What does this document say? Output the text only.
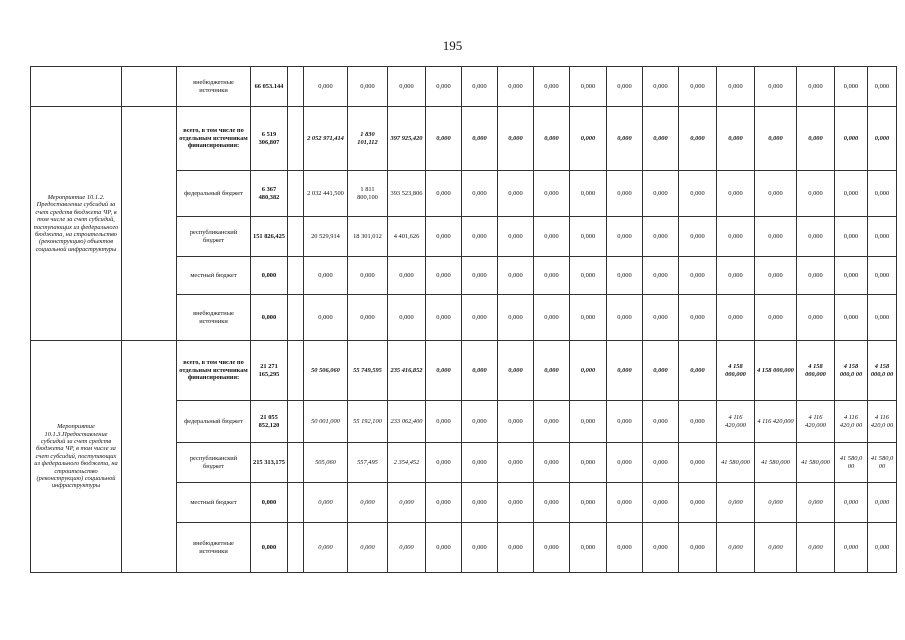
195
		внебюджетные источники	66 053.144		0,000	0,000	0,000	0,000	0,000	0,000	0,000	0,000	0,000	0,000	0,000	0,000	0,000	0,000	0,000	0,000
Мероприятие 10.1.2. Предоставление субсидий за счет средств бюджета ЧР, в том числе за счет субсидий, поступающих из федерального бюджета, на строительство (реконструкцию) объектов социальной инфраструктуры		всего, в том числе по отдельным источникам финансирования:	6 519 306,807		2 052 971,414	1 830 101,112	397 925,420	0,000	0,000	0,000	0,000	0,000	0,000	0,000	0,000	0,000	0,000	0,000	0,000	0,000
		федеральный бюджет	6 367 480,382		2 032 441,500	1 811 800,100	393 523,806	0,000	0,000	0,000	0,000	0,000	0,000	0,000	0,000	0,000	0,000	0,000	0,000	0,000
		республиканский бюджет	151 826,425		20 529,914	18 301,012	4 401,626	0,000	0,000	0,000	0,000	0,000	0,000	0,000	0,000	0,000	0,000	0,000	0,000	0,000
		местный бюджет	0,000		0,000	0,000	0,000	0,000	0,000	0,000	0,000	0,000	0,000	0,000	0,000	0,000	0,000	0,000	0,000	0,000
		внебюджетные источники	0,000		0,000	0,000	0,000	0,000	0,000	0,000	0,000	0,000	0,000	0,000	0,000	0,000	0,000	0,000	0,000	0,000
Мероприятие 10.1.3.Предоставление субсидий за счет средств бюджета ЧР, в том числе за счет субсидий, поступающих из федерального бюджета, на строительство (реконструкцию) социальной инфраструктуры		всего, в том числе по отдельным источникам финансирования:	21 271 165,295		50 506,060	55 749,595	235 416,852	0,000	0,000	0,000	0,000	0,000	0,000	0,000	0,000	4 158 000,000	4 158 000,000	4 158 000,000	4 158 000,0 00	4 158 000,0 00
		федеральный бюджет	21 055 852,120		50 001,000	55 192,100	233 062,400	0,000	0,000	0,000	0,000	0,000	0,000	0,000	0,000	4 116 420,000	4 116 420,000	4 116 420,000	4 116 420,0 00	4 116 420,0 00
		республиканский бюджет	215 313,175		505,060	557,495	2 354,452	0,000	0,000	0,000	0,000	0,000	0,000	0,000	0,000	41 580,000	41 580,000	41 580,000	41 580,0 00	41 580,0 00
		местный бюджет	0,000		0,000	0,000	0,000	0,000	0,000	0,000	0,000	0,000	0,000	0,000	0,000	0,000	0,000	0,000	0,000	0,000
		внебюджетные источники	0,000		0,000	0,000	0,000	0,000	0,000	0,000	0,000	0,000	0,000	0,000	0,000	0,000	0,000	0,000	0,000	0,000
